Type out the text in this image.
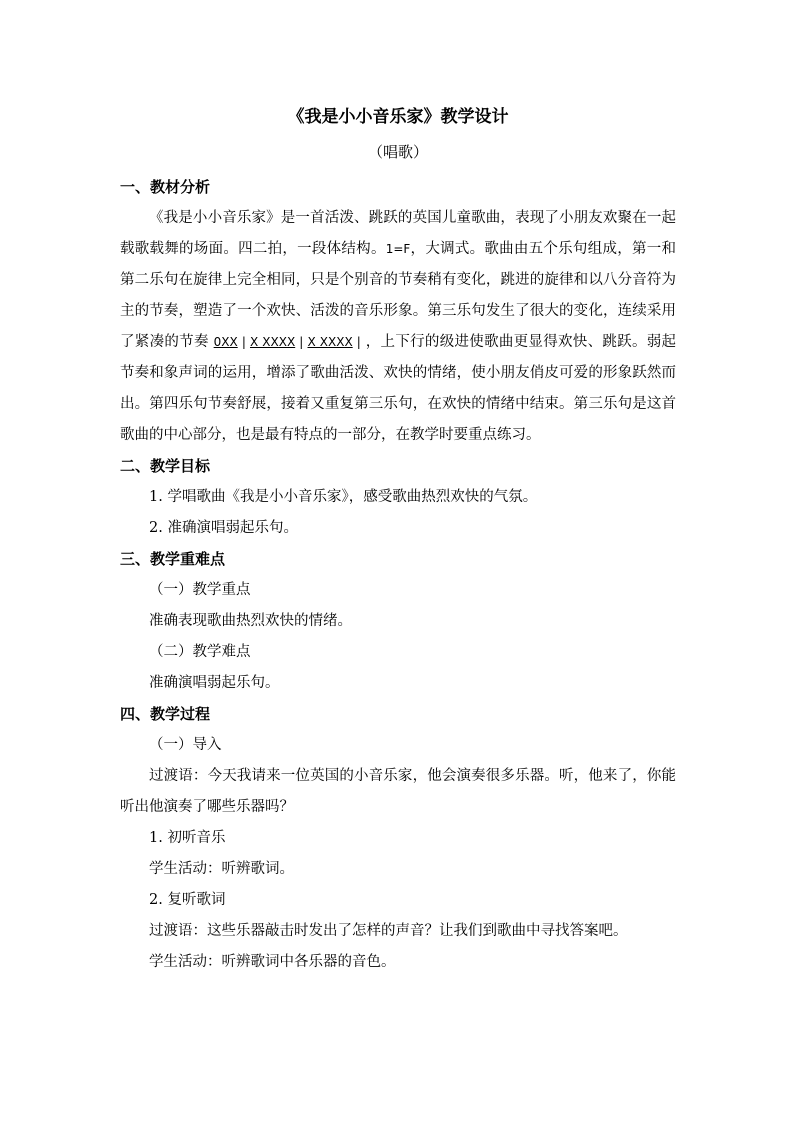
《我是小小音乐家》教学设计

（唱歌）

一、教材分析

《我是小小音乐家》是一首活泼、跳跃的英国儿童歌曲，表现了小朋友欢聚在一起载歌载舞的场面。四二拍，一段体结构。1=F，大调式。歌曲由五个乐句组成，第一和第二乐句在旋律上完全相同，只是个别音的节奏稍有变化，跳进的旋律和以八分音符为主的节奏，塑造了一个欢快、活泼的音乐形象。第三乐句发生了很大的变化，连续采用了紧凑的节奏 0XX | X XXXX | X XXXX | ，上下行的级进使歌曲更显得欢快、跳跃。弱起节奏和象声词的运用，增添了歌曲活泼、欢快的情绪，使小朋友俏皮可爱的形象跃然而出。第四乐句节奏舒展，接着又重复第三乐句，在欢快的情绪中结束。第三乐句是这首歌曲的中心部分，也是最有特点的一部分，在教学时要重点练习。

二、教学目标

1. 学唱歌曲《我是小小音乐家》，感受歌曲热烈欢快的气氛。

2. 准确演唱弱起乐句。

三、教学重难点

（一）教学重点

准确表现歌曲热烈欢快的情绪。

（二）教学难点

准确演唱弱起乐句。

四、教学过程

（一）导入

过渡语：今天我请来一位英国的小音乐家，他会演奏很多乐器。听，他来了，你能听出他演奏了哪些乐器吗？

1. 初听音乐

学生活动：听辨歌词。

2. 复听歌词

过渡语：这些乐器敲击时发出了怎样的声音？让我们到歌曲中寻找答案吧。

学生活动：听辨歌词中各乐器的音色。
